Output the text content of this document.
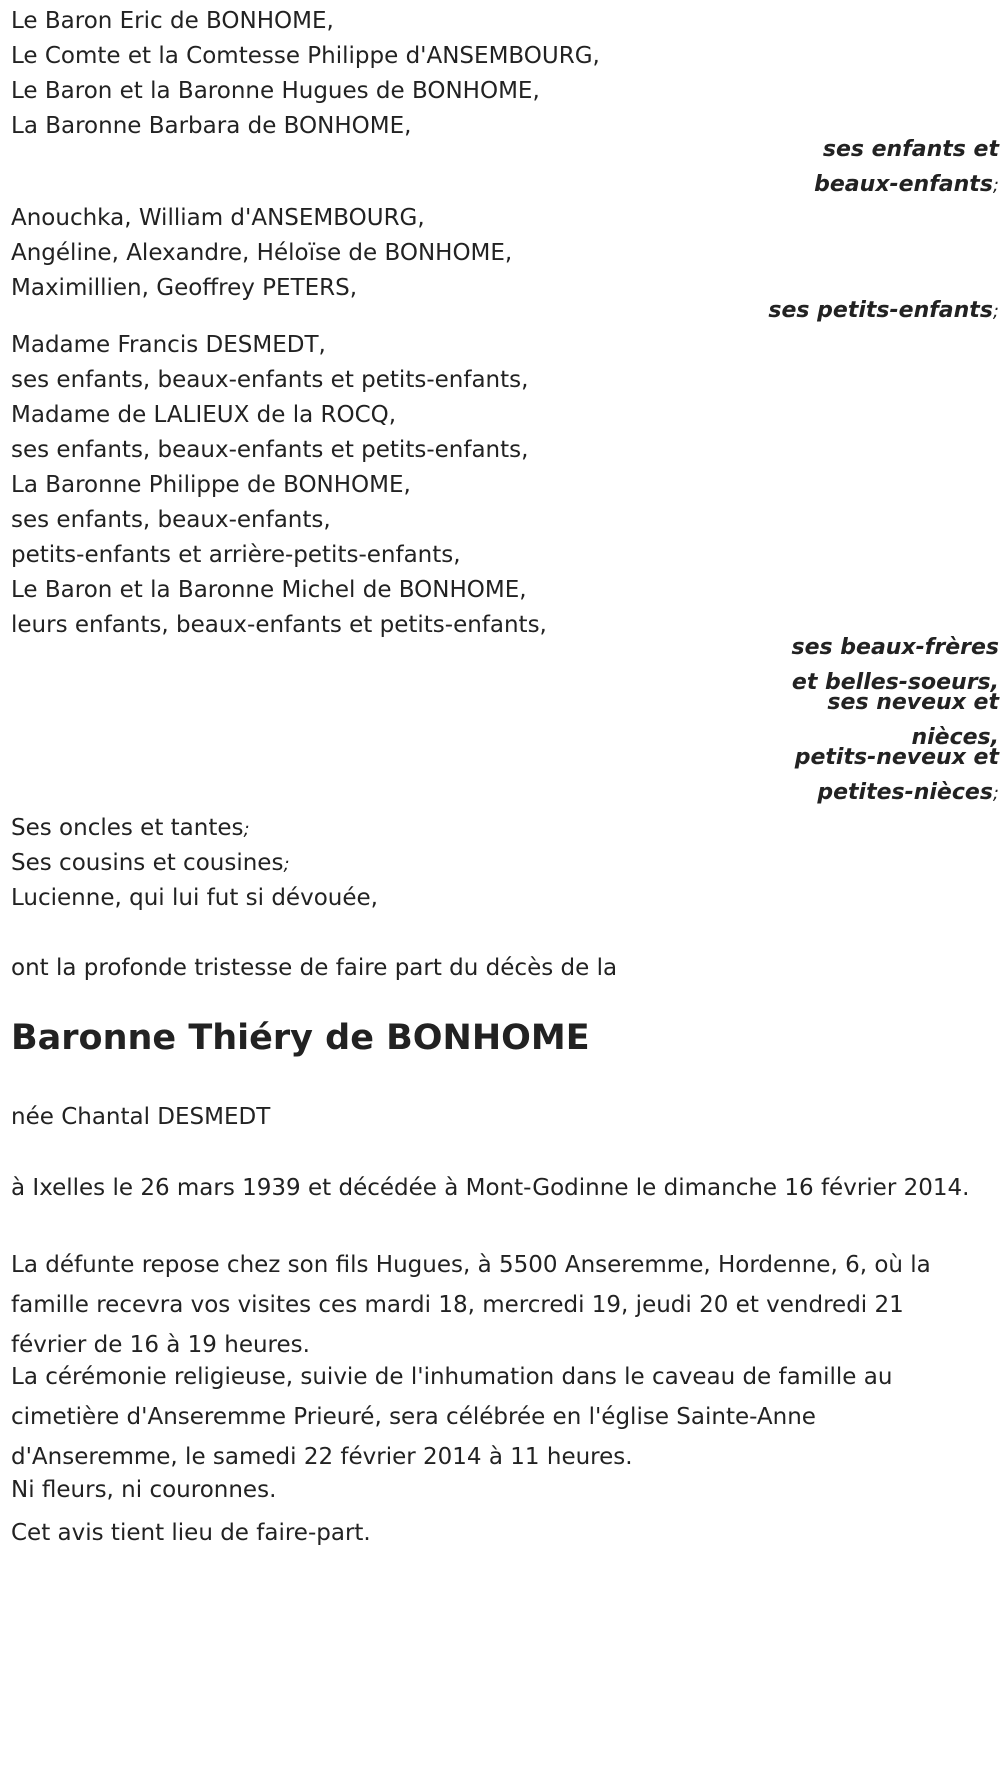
Le Baron Eric de BONHOME,
Le Comte et la Comtesse Philippe d'ANSEMBOURG,
Le Baron et la Baronne Hugues de BONHOME,
La Baronne Barbara de BONHOME,
ses enfants et
beaux-enfants;
Anouchka, William d'ANSEMBOURG,
Angéline, Alexandre, Héloïse de BONHOME,
Maximillien, Geoffrey PETERS,
ses petits-enfants;
Madame Francis DESMEDT,
ses enfants, beaux-enfants et petits-enfants,
Madame de LALIEUX de la ROCQ,
ses enfants, beaux-enfants et petits-enfants,
La Baronne Philippe de BONHOME,
ses enfants, beaux-enfants,
petits-enfants et arrière-petits-enfants,
Le Baron et la Baronne Michel de BONHOME,
leurs enfants, beaux-enfants et petits-enfants,
ses beaux-frères
et belles-soeurs,
ses neveux et
nièces,
petits-neveux et
petites-nièces;
Ses oncles et tantes;
Ses cousins et cousines;
Lucienne, qui lui fut si dévouée,
ont la profonde tristesse de faire part du décès de la
Baronne Thiéry de BONHOME
née Chantal DESMEDT

à Ixelles le 26 mars 1939 et décédée à Mont-Godinne le dimanche 16 février 2014.

La défunte repose chez son fils Hugues, à 5500 Anseremme, Hordenne, 6, où la famille recevra vos visites ces mardi 18, mercredi 19, jeudi 20 et vendredi 21 février de 16 à 19 heures.

La cérémonie religieuse, suivie de l'inhumation dans le caveau de famille au cimetière d'Anseremme Prieuré, sera célébrée en l'église Sainte-Anne d'Anseremme, le samedi 22 février 2014 à 11 heures.

Ni fleurs, ni couronnes.

Cet avis tient lieu de faire-part.
